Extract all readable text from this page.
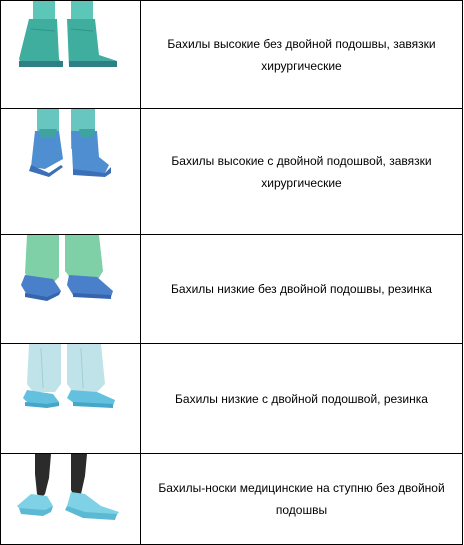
	Бахилы высокие без двойной подошвы, завязки хирургические

	Бахилы высокие с двойной подошвой, завязки хирургические

	Бахилы низкие без двойной подошвы, резинка

	Бахилы низкие с двойной подошвой, резинка

	Бахилы-носки медицинские на ступню без двойной подошвы
